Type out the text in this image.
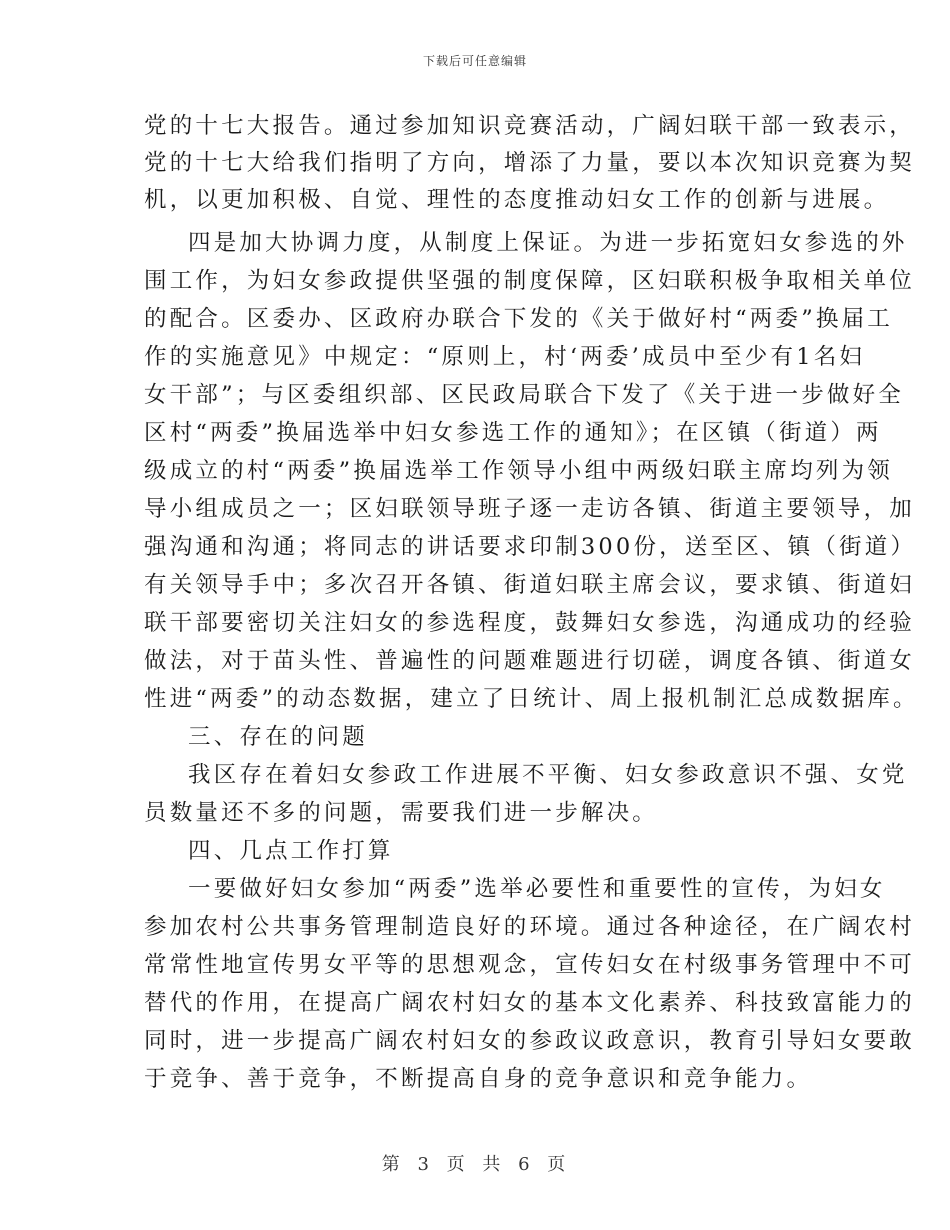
下载后可任意编辑
党的十七大报告。通过参加知识竞赛活动，广阔妇联干部一致表示，
党的十七大给我们指明了方向，增添了力量，要以本次知识竞赛为契
机，以更加积极、自觉、理性的态度推动妇女工作的创新与进展。
四是加大协调力度，从制度上保证。为进一步拓宽妇女参选的外
围工作，为妇女参政提供坚强的制度保障，区妇联积极争取相关单位
的配合。区委办、区政府办联合下发的《关于做好村“两委”换届工
作的实施意见》中规定：“原则上，村‘两委’成员中至少有1名妇
女干部”；与区委组织部、区民政局联合下发了《关于进一步做好全
区村“两委”换届选举中妇女参选工作的通知》；在区镇（街道）两
级成立的村“两委”换届选举工作领导小组中两级妇联主席均列为领
导小组成员之一；区妇联领导班子逐一走访各镇、街道主要领导，加
强沟通和沟通；将同志的讲话要求印制300份，送至区、镇（街道）
有关领导手中；多次召开各镇、街道妇联主席会议，要求镇、街道妇
联干部要密切关注妇女的参选程度，鼓舞妇女参选，沟通成功的经验
做法，对于苗头性、普遍性的问题难题进行切磋，调度各镇、街道女
性进“两委”的动态数据，建立了日统计、周上报机制汇总成数据库。
三、存在的问题
我区存在着妇女参政工作进展不平衡、妇女参政意识不强、女党
员数量还不多的问题，需要我们进一步解决。
四、几点工作打算
一要做好妇女参加“两委”选举必要性和重要性的宣传，为妇女
参加农村公共事务管理制造良好的环境。通过各种途径，在广阔农村
常常性地宣传男女平等的思想观念，宣传妇女在村级事务管理中不可
替代的作用，在提高广阔农村妇女的基本文化素养、科技致富能力的
同时，进一步提高广阔农村妇女的参政议政意识，教育引导妇女要敢
于竞争、善于竞争，不断提高自身的竞争意识和竞争能力。
第 3 页 共 6 页
